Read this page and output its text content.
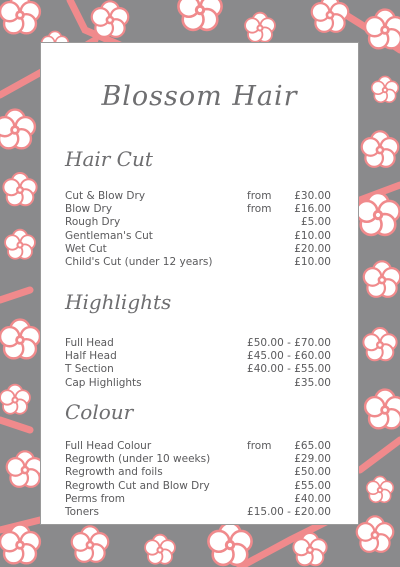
Blossom Hair
Hair Cut
Cut & Blow Dry	from £30.00
Blow Dry	from £16.00
Rough Dry	£5.00
Gentleman's Cut	£10.00
Wet Cut	£20.00
Child's Cut (under 12 years)	£10.00
Highlights
Full Head	£50.00 - £70.00
Half Head	£45.00 - £60.00
T Section	£40.00 - £55.00
Cap Highlights	£35.00
Colour
Full Head Colour	from £65.00
Regrowth (under 10 weeks)	£29.00
Regrowth and foils	£50.00
Regrowth Cut and Blow Dry	£55.00
Perms from	£40.00
Toners	£15.00 - £20.00
